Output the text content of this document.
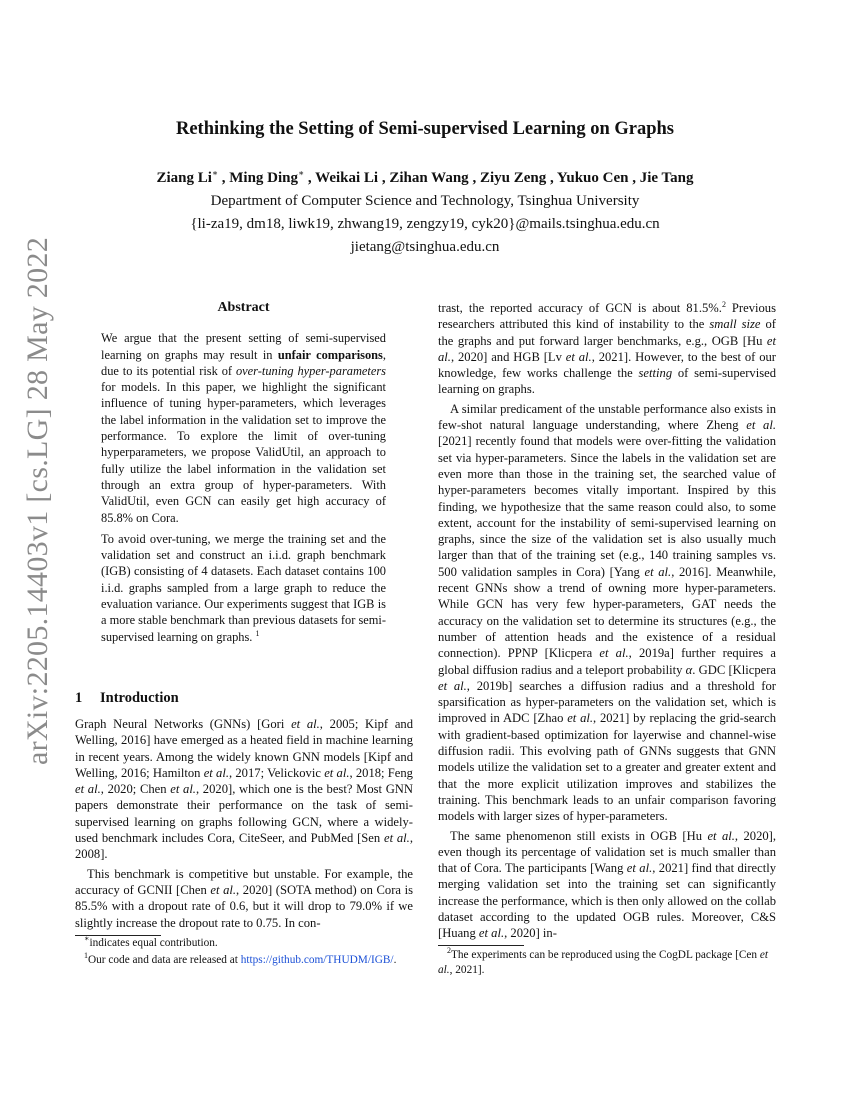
arXiv:2205.14403v1 [cs.LG] 28 May 2022
Rethinking the Setting of Semi-supervised Learning on Graphs
Ziang Li∗ , Ming Ding∗ , Weikai Li , Zihan Wang , Ziyu Zeng , Yukuo Cen , Jie Tang
Department of Computer Science and Technology, Tsinghua University
{li-za19, dm18, liwk19, zhwang19, zengzy19, cyk20}@mails.tsinghua.edu.cn
jietang@tsinghua.edu.cn
Abstract

We argue that the present setting of semi-supervised learning on graphs may result in unfair comparisons, due to its potential risk of over-tuning hyper-parameters for models. In this paper, we highlight the significant influence of tuning hyper-parameters, which leverages the label information in the validation set to improve the performance. To explore the limit of over-tuning hyperparameters, we propose ValidUtil, an approach to fully utilize the label information in the validation set through an extra group of hyper-parameters. With ValidUtil, even GCN can easily get high accuracy of 85.8% on Cora.

To avoid over-tuning, we merge the training set and the validation set and construct an i.i.d. graph benchmark (IGB) consisting of 4 datasets. Each dataset contains 100 i.i.d. graphs sampled from a large graph to reduce the evaluation variance. Our experiments suggest that IGB is a more stable benchmark than previous datasets for semi-supervised learning on graphs. $^1$

1 Introduction

Graph Neural Networks (GNNs) [Gori et al., 2005; Kipf and Welling, 2016] have emerged as a heated field in machine learning in recent years. Among the widely known GNN models [Kipf and Welling, 2016; Hamilton et al., 2017; Velickovic et al., 2018; Feng et al., 2020; Chen et al., 2020], which one is the best? Most GNN papers demonstrate their performance on the task of semi-supervised learning on graphs following GCN, where a widely-used benchmark includes Cora, CiteSeer, and PubMed [Sen et al., 2008].

This benchmark is competitive but unstable. For example, the accuracy of GCNII [Chen et al., 2020] (SOTA method) on Cora is 85.5% with a dropout rate of 0.6, but it will drop to 79.0% if we slightly increase the dropout rate to 0.75. In con-

trast, the reported accuracy of GCN is about 81.5%.$^2$ Previous researchers attributed this kind of instability to the small size of the graphs and put forward larger benchmarks, e.g., OGB [Hu et al., 2020] and HGB [Lv et al., 2021]. However, to the best of our knowledge, few works challenge the setting of semi-supervised learning on graphs.

A similar predicament of the unstable performance also exists in few-shot natural language understanding, where Zheng et al. [2021] recently found that models were over-fitting the validation set via hyper-parameters. Since the labels in the validation set are even more than those in the training set, the searched value of hyper-parameters becomes vitally important. Inspired by this finding, we hypothesize that the same reason could also, to some extent, account for the instability of semi-supervised learning on graphs, since the size of the validation set is also usually much larger than that of the training set (e.g., 140 training samples vs. 500 validation samples in Cora) [Yang et al., 2016]. Meanwhile, recent GNNs show a trend of owning more hyper-parameters. While GCN has very few hyper-parameters, GAT needs the accuracy on the validation set to determine its structures (e.g., the number of attention heads and the existence of a residual connection). PPNP [Klicpera et al., 2019a] further requires a global diffusion radius and a teleport probability α. GDC [Klicpera et al., 2019b] searches a diffusion radius and a threshold for sparsification as hyper-parameters on the validation set, which is improved in ADC [Zhao et al., 2021] by replacing the grid-search with gradient-based optimization for layerwise and channel-wise diffusion radii. This evolving path of GNNs suggests that GNN models utilize the validation set to a greater and greater extent and that the more explicit utilization improves and stabilizes the training. This benchmark leads to an unfair comparison favoring models with larger sizes of hyper-parameters.

The same phenomenon still exists in OGB [Hu et al., 2020], even though its percentage of validation set is much smaller than that of Cora. The participants [Wang et al., 2021] find that directly merging validation set into the training set can significantly increase the performance, which is then only allowed on the collab dataset according to the updated OGB rules. Moreover, C&S [Huang et al., 2020] in-

∗indicates equal contribution.

$^1$Our code and data are released at https://github.com/THUDM/IGB/.

$^2$The experiments can be reproduced using the CogDL package [Cen et al., 2021].
